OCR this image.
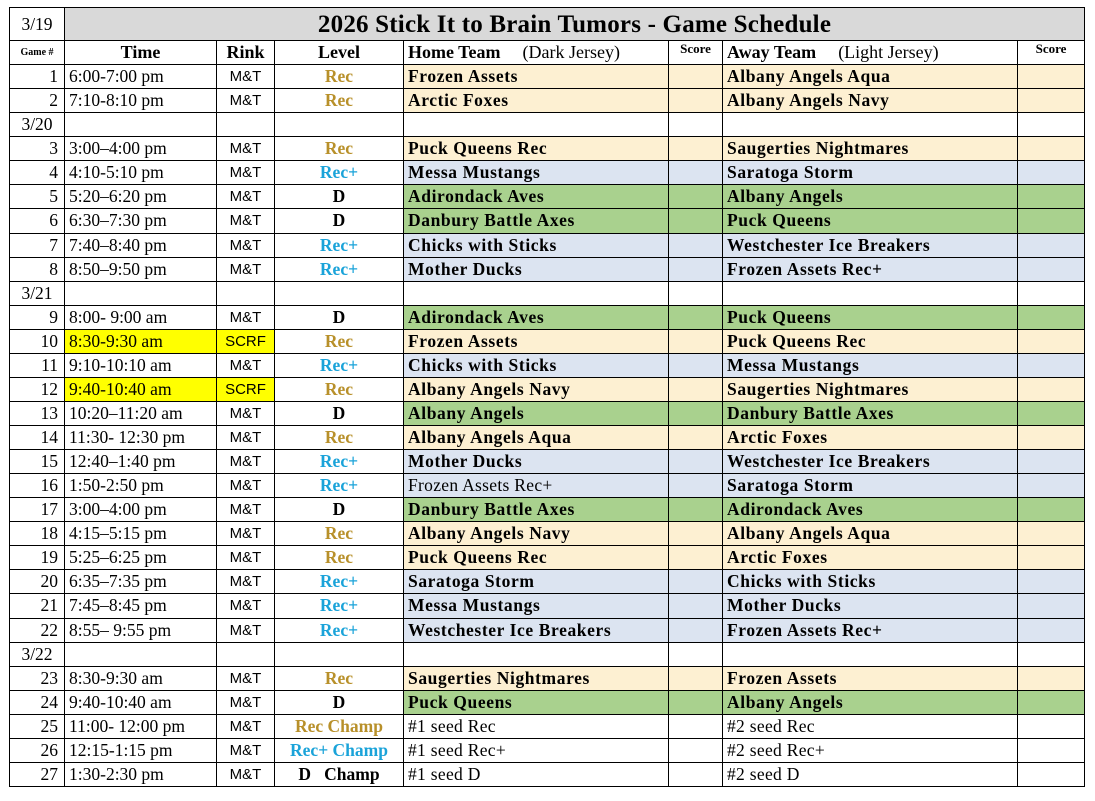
3/19	2026 Stick It to Brain Tumors - Game Schedule						
Game #	Time	Rink	Level	Home Team (Dark Jersey)	Score	Away Team (Light Jersey)	Score
1	6:00-7:00 pm	M&T	Rec	Frozen Assets		Albany Angels Aqua	
2	7:10-8:10 pm	M&T	Rec	Arctic Foxes		Albany Angels Navy	
3/20							
3	3:00–4:00 pm	M&T	Rec	Puck Queens Rec		Saugerties Nightmares	
4	4:10-5:10 pm	M&T	Rec+	Messa Mustangs		Saratoga Storm	
5	5:20–6:20 pm	M&T	D	Adirondack Aves		Albany Angels	
6	6:30–7:30 pm	M&T	D	Danbury Battle Axes		Puck Queens	
7	7:40–8:40 pm	M&T	Rec+	Chicks with Sticks		Westchester Ice Breakers	
8	8:50–9:50 pm	M&T	Rec+	Mother Ducks		Frozen Assets Rec+	
3/21							
9	8:00- 9:00 am	M&T	D	Adirondack Aves		Puck Queens	
10	8:30-9:30 am	SCRF	Rec	Frozen Assets		Puck Queens Rec	
11	9:10-10:10 am	M&T	Rec+	Chicks with Sticks		Messa Mustangs	
12	9:40-10:40 am	SCRF	Rec	Albany Angels Navy		Saugerties Nightmares	
13	10:20–11:20 am	M&T	D	Albany Angels		Danbury Battle Axes	
14	11:30- 12:30 pm	M&T	Rec	Albany Angels Aqua		Arctic Foxes	
15	12:40–1:40 pm	M&T	Rec+	Mother Ducks		Westchester Ice Breakers	
16	1:50-2:50 pm	M&T	Rec+	Frozen Assets Rec+		Saratoga Storm	
17	3:00–4:00 pm	M&T	D	Danbury Battle Axes		Adirondack Aves	
18	4:15–5:15 pm	M&T	Rec	Albany Angels Navy		Albany Angels Aqua	
19	5:25–6:25 pm	M&T	Rec	Puck Queens Rec		Arctic Foxes	
20	6:35–7:35 pm	M&T	Rec+	Saratoga Storm		Chicks with Sticks	
21	7:45–8:45 pm	M&T	Rec+	Messa Mustangs		Mother Ducks	
22	8:55– 9:55 pm	M&T	Rec+	Westchester Ice Breakers		Frozen Assets Rec+	
3/22							
23	8:30-9:30 am	M&T	Rec	Saugerties Nightmares		Frozen Assets	
24	9:40-10:40 am	M&T	D	Puck Queens		Albany Angels	
25	11:00- 12:00 pm	M&T	Rec Champ	#1 seed Rec		#2 seed Rec	
26	12:15-1:15 pm	M&T	Rec+ Champ	#1 seed Rec+		#2 seed Rec+	
27	1:30-2:30 pm	M&T	D   Champ	#1 seed D		#2 seed D	
